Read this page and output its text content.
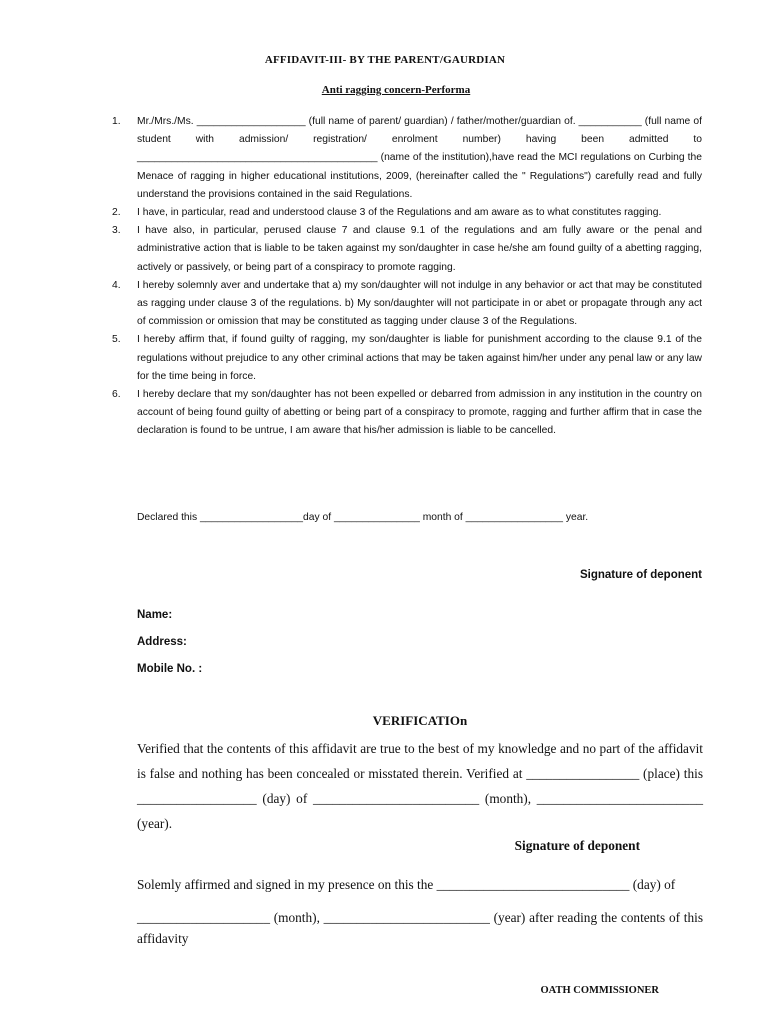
AFFIDAVIT-III- BY THE PARENT/GAURDIAN
Anti ragging concern-Performa
1. Mr./Mrs./Ms. ___________________ (full name of parent/ guardian) / father/mother/guardian of. ___________ (full name of student with admission/ registration/ enrolment number) having been admitted to __________________________________________ (name of the institution),have read the MCI regulations on Curbing the Menace of ragging in higher educational institutions, 2009, (hereinafter called the " Regulations") carefully read and fully understand the provisions contained in the said Regulations.
2. I have, in particular, read and understood clause 3 of the Regulations and am aware as to what constitutes ragging.
3. I have also, in particular, perused clause 7 and clause 9.1 of the regulations and am fully aware or the penal and administrative action that is liable to be taken against my son/daughter in case he/she am found guilty of a abetting ragging, actively or passively, or being part of a conspiracy to promote ragging.
4. I hereby solemnly aver and undertake that a) my son/daughter will not indulge in any behavior or act that may be constituted as ragging under clause 3 of the regulations. b) My son/daughter will not participate in or abet or propagate through any act of commission or omission that may be constituted as tagging under clause 3 of the Regulations.
5. I hereby affirm that, if found guilty of ragging, my son/daughter is liable for punishment according to the clause 9.1 of the regulations without prejudice to any other criminal actions that may be taken against him/her under any penal law or any law for the time being in force.
6. I hereby declare that my son/daughter has not been expelled or debarred from admission in any institution in the country on account of being found guilty of abetting or being part of a conspiracy to promote, ragging and further affirm that in case the declaration is found to be untrue, I am aware that his/her admission is liable to be cancelled.
Declared this __________________day of _______________ month of _________________ year.
Signature of deponent
Name:
Address:
Mobile No. :
VERIFICATIOn
Verified that the contents of this affidavit are true to the best of my knowledge and no part of the affidavit is false and nothing has been concealed or misstated therein. Verified at _________________ (place) this __________________ (day) of _________________________ (month), _________________________ (year).
Signature of deponent

Solemly affirmed and signed in my presence on this the _____________________________ (day) of

____________________ (month), _________________________ (year) after reading the contents of this

affidavity

OATH COMMISSIONER
